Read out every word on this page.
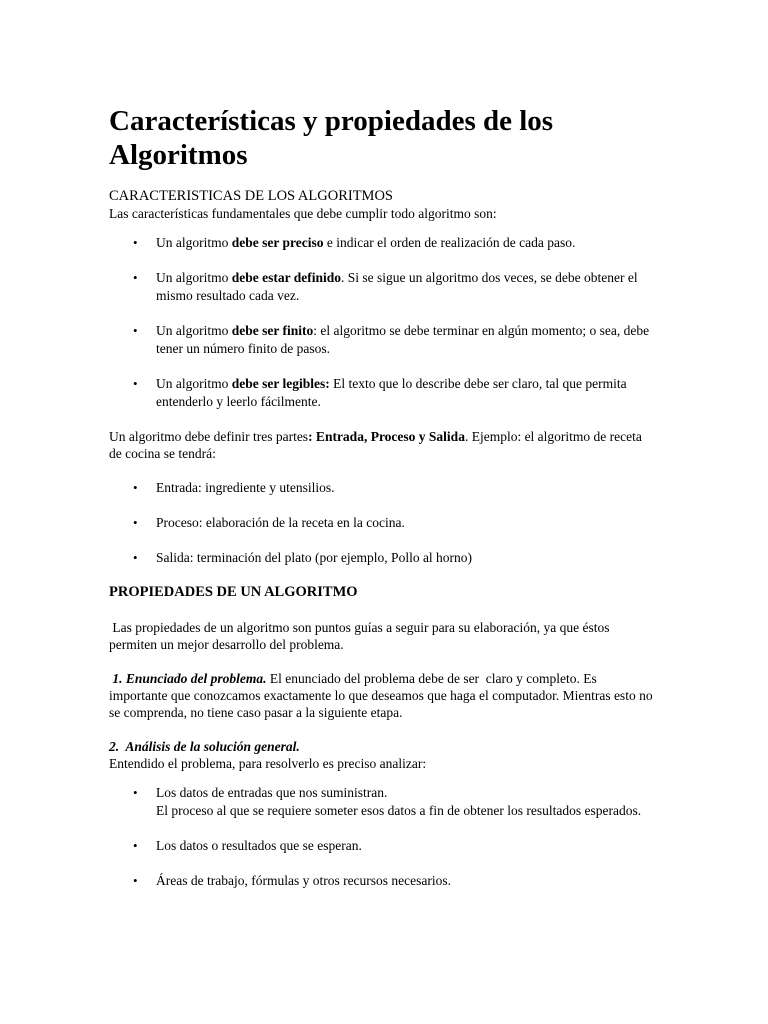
Características y propiedades de los Algoritmos
CARACTERISTICAS DE LOS ALGORITMOS

Las características fundamentales que debe cumplir todo algoritmo son:

• Un algoritmo debe ser preciso e indicar el orden de realización de cada paso.
• Un algoritmo debe estar definido. Si se sigue un algoritmo dos veces, se debe obtener el mismo resultado cada vez.
• Un algoritmo debe ser finito: el algoritmo se debe terminar en algún momento; o sea, debe tener un número finito de pasos.
• Un algoritmo debe ser legibles: El texto que lo describe debe ser claro, tal que permita entenderlo y leerlo fácilmente.

Un algoritmo debe definir tres partes: Entrada, Proceso y Salida. Ejemplo: el algoritmo de receta de cocina se tendrá:

• Entrada: ingrediente y utensilios.
• Proceso: elaboración de la receta en la cocina.
• Salida: terminación del plato (por ejemplo, Pollo al horno)
PROPIEDADES DE UN ALGORITMO

Las propiedades de un algoritmo son puntos guías a seguir para su elaboración, ya que éstos permiten un mejor desarrollo del problema.

1. Enunciado del problema. El enunciado del problema debe de ser  claro y completo. Es importante que conozcamos exactamente lo que deseamos que haga el computador. Mientras esto no se comprenda, no tiene caso pasar a la siguiente etapa.

2.  Análisis de la solución general.

Entendido el problema, para resolverlo es preciso analizar:

• Los datos de entradas que nos suministran.
El proceso al que se requiere someter esos datos a fin de obtener los resultados esperados.
• Los datos o resultados que se esperan.
• Áreas de trabajo, fórmulas y otros recursos necesarios.
